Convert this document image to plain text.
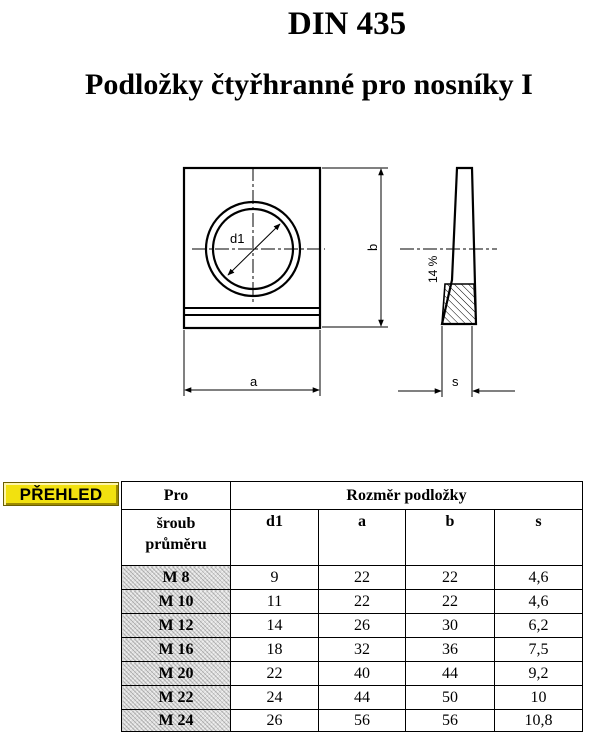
DIN 435
Podložky čtyřhranné pro nosníky I
d1
a
b
14 %
s
PŘEHLED	Pro	Rozměr podložky			
šroub
průměru	d1	a	b	s
M 8	9	22	22	4,6
M 10	11	22	22	4,6
M 12	14	26	30	6,2
M 16	18	32	36	7,5
M 20	22	40	44	9,2
M 22	24	44	50	10
M 24	26	56	56	10,8
